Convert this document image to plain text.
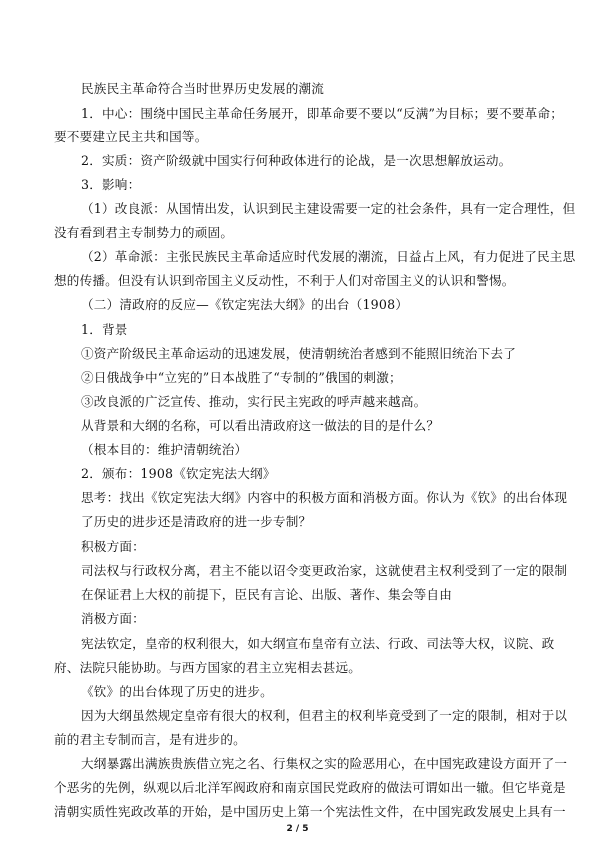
民族民主革命符合当时世界历史发展的潮流
1．中心：围绕中国民主革命任务展开，即革命要不要以“反满”为目标；要不要革命；
要不要建立民主共和国等。
2．实质：资产阶级就中国实行何种政体进行的论战，是一次思想解放运动。
3．影响：
（1）改良派：从国情出发，认识到民主建设需要一定的社会条件，具有一定合理性，但
没有看到君主专制势力的顽固。
（2）革命派：主张民族民主革命适应时代发展的潮流，日益占上风，有力促进了民主思
想的传播。但没有认识到帝国主义反动性，不利于人们对帝国主义的认识和警惕。
（二）清政府的反应—《钦定宪法大纲》的出台（1908）
1．背景
①资产阶级民主革命运动的迅速发展，使清朝统治者感到不能照旧统治下去了
②日俄战争中“立宪的”日本战胜了“专制的”俄国的刺激；
③改良派的广泛宣传、推动，实行民主宪政的呼声越来越高。
从背景和大纲的名称，可以看出清政府这一做法的目的是什么？
（根本目的：维护清朝统治）
2．颁布：1908《钦定宪法大纲》
思考：找出《钦定宪法大纲》内容中的积极方面和消极方面。你认为《钦》的出台体现
了历史的进步还是清政府的进一步专制？
积极方面：
司法权与行政权分离，君主不能以诏令变更政治家，这就使君主权利受到了一定的限制
在保证君上大权的前提下，臣民有言论、出版、著作、集会等自由
消极方面：
宪法钦定，皇帝的权利很大，如大纲宣布皇帝有立法、行政、司法等大权，议院、政
府、法院只能协助。与西方国家的君主立宪相去甚远。
《钦》的出台体现了历史的进步。
因为大纲虽然规定皇帝有很大的权利，但君主的权利毕竟受到了一定的限制，相对于以
前的君主专制而言，是有进步的。
大纲暴露出满族贵族借立宪之名、行集权之实的险恶用心，在中国宪政建设方面开了一
个恶劣的先例，纵观以后北洋军阀政府和南京国民党政府的做法可谓如出一辙。但它毕竟是
清朝实质性宪政改革的开始，是中国历史上第一个宪法性文件，在中国宪政发展史上具有一
2 / 5
